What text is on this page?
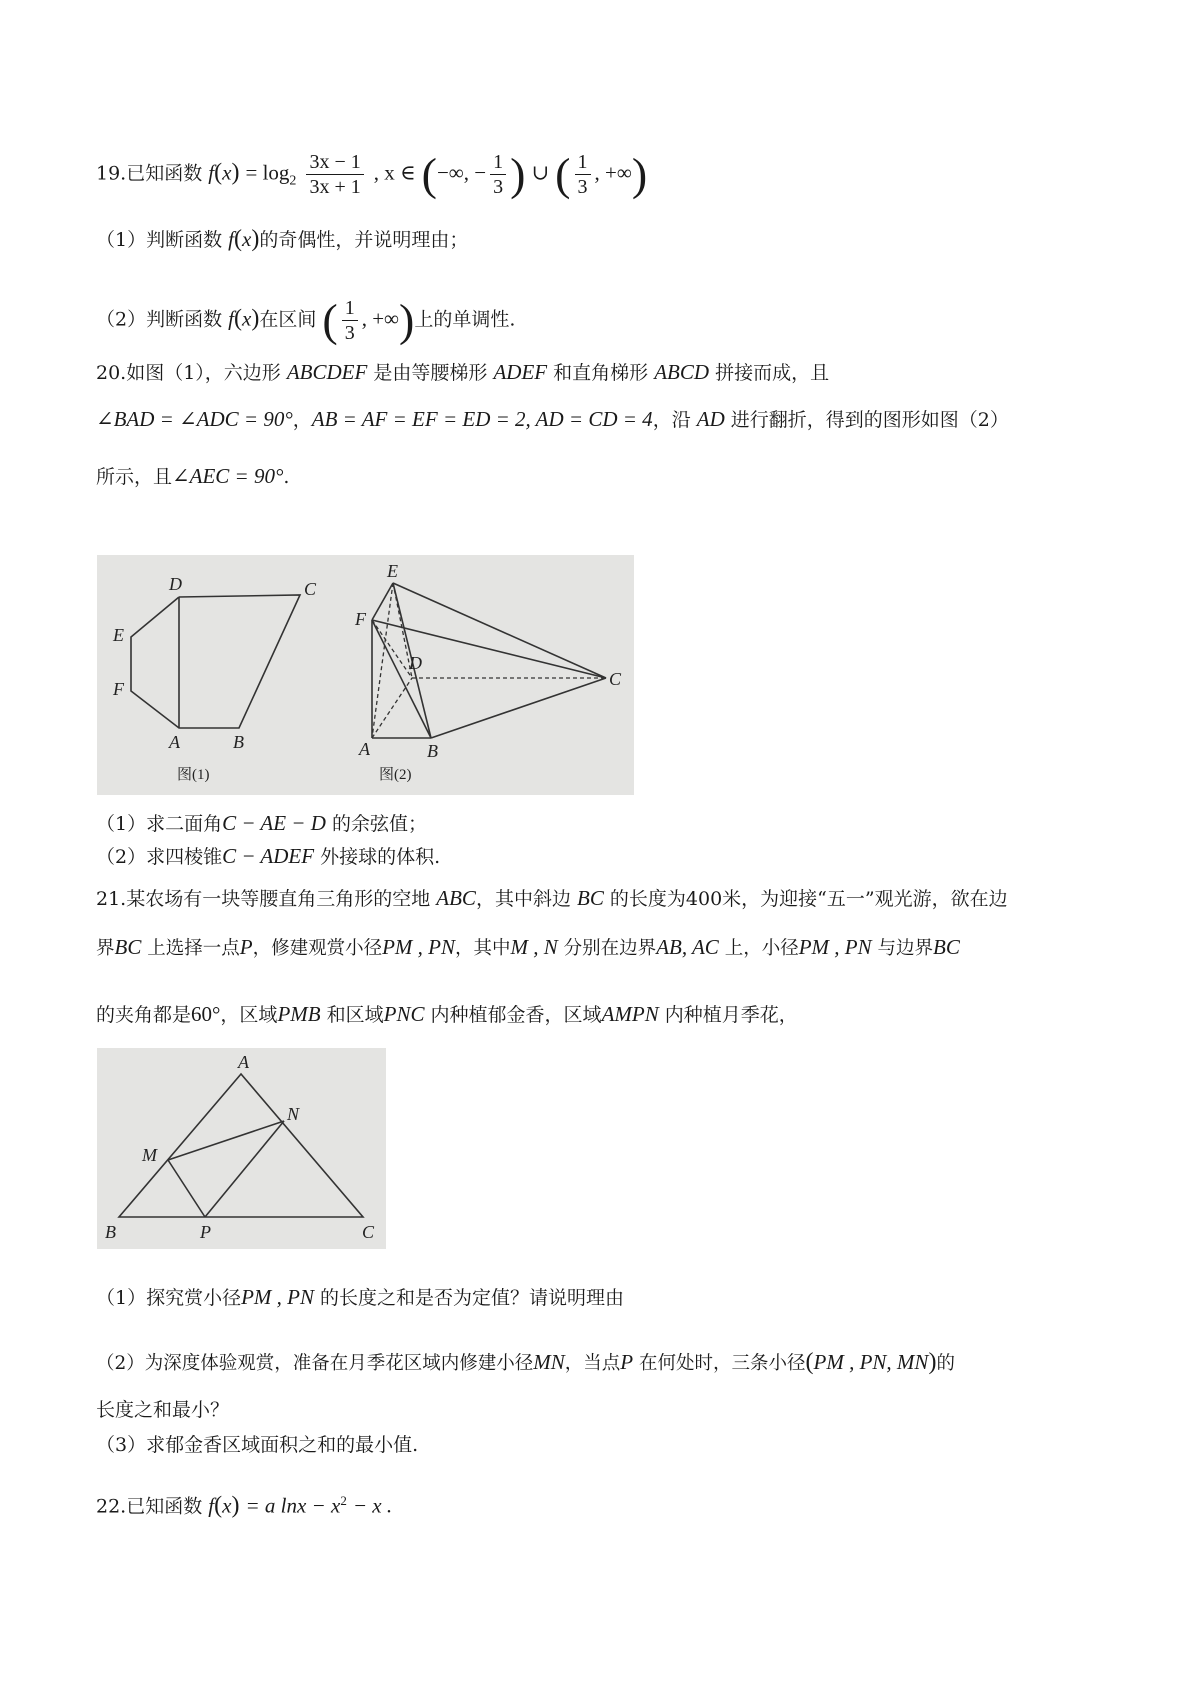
19.已知函数 $f(x) = \log_2 \frac{3x - 1}{3x + 1}$ , x ∈ (−∞, − $\frac{1}{3}$ ) ∪ ( $\frac{1}{3}$ , +∞)
（1）判断函数 f(x)的奇偶性，并说明理由；
（2）判断函数 f(x)在区间 ( $\frac{1}{3}$ , +∞)上的单调性.
20.如图（1），六边形 ABCDEF 是由等腰梯形 ADEF 和直角梯形 ABCD 拼接而成，且
∠BAD = ∠ADC = 90°，AB = AF = EF = ED = 2, AD = CD = 4，沿 AD 进行翻折，得到的图形如图（2）
所示，且∠AEC = 90°.
D	C
E
F
A	B
图(1)
E
F
D
C
A	B
图(2)
（1）求二面角C − AE − D 的余弦值；
（2）求四棱锥C − ADEF 外接球的体积.
21.某农场有一块等腰直角三角形的空地 ABC，其中斜边 BC 的长度为400米，为迎接“五一”观光游，欲在边
界BC 上选择一点P，修建观赏小径PM , PN，其中M , N 分别在边界AB, AC 上，小径PM , PN 与边界BC
的夹角都是60°，区域PMB 和区域PNC 内种植郁金香，区域AMPN 内种植月季花，
A
N
M
B	P	C
（1）探究赏小径PM , PN 的长度之和是否为定值？请说明理由
（2）为深度体验观赏，准备在月季花区域内修建小径MN，当点P 在何处时，三条小径(PM , PN, MN)的
长度之和最小？
（3）求郁金香区域面积之和的最小值.
22.已知函数 f(x) = a $\ln x - x^2 - x$ .
